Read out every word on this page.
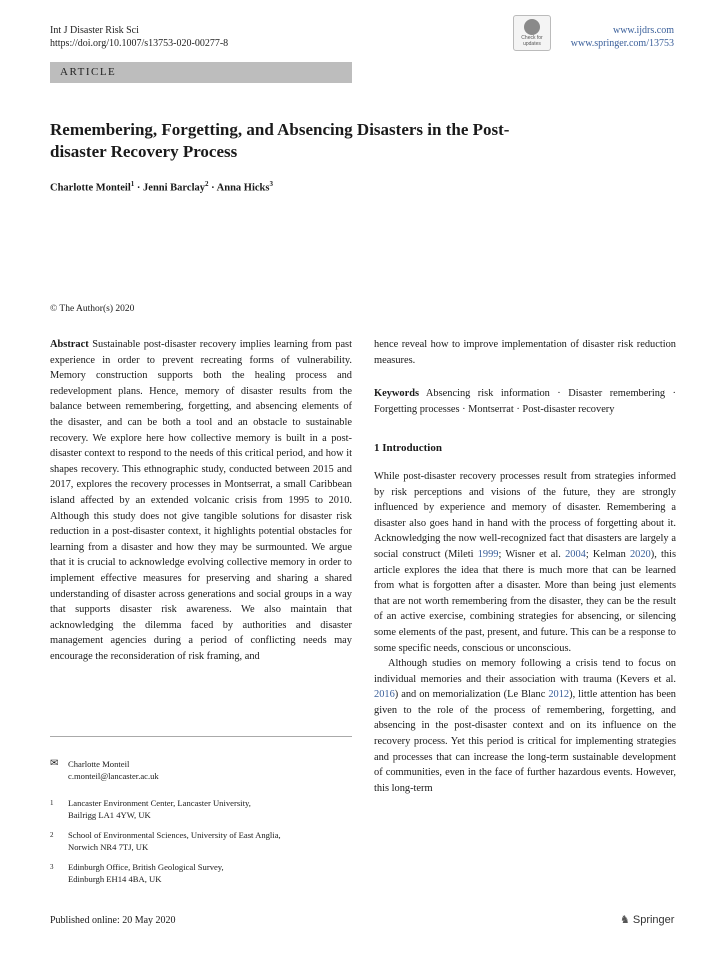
Int J Disaster Risk Sci
https://doi.org/10.1007/s13753-020-00277-8	Check for updates
www.ijdrs.com
www.springer.com/13753
ARTICLE
Remembering, Forgetting, and Absencing Disasters in the Post-
disaster Recovery Process
Charlotte Monteil$^1$ · Jenni Barclay$^2$ · Anna Hicks$^3$
© The Author(s) 2020

Abstract Sustainable post-disaster recovery implies learning from past experience in order to prevent recreating forms of vulnerability. Memory construction supports both the healing process and redevelopment plans. Hence, memory of disaster results from the balance between remembering, forgetting, and absencing elements of the disaster, and can be both a tool and an obstacle to sustainable recovery. We explore here how collective memory is built in a post-disaster context to respond to the needs of this critical period, and how it shapes recovery. This ethnographic study, conducted between 2015 and 2017, explores the recovery processes in Montserrat, a small Caribbean island affected by an extended volcanic crisis from 1995 to 2010. Although this study does not give tangible solutions for disaster risk reduction in a post-disaster context, it highlights potential obstacles for learning from a disaster and how they may be surmounted. We argue that it is crucial to acknowledge evolving collective memory in order to implement effective measures for preserving and sharing a shared understanding of disaster across generations and social groups in a way that supports disaster risk awareness. We also maintain that acknowledging the dilemma faced by authorities and disaster management agencies during a period of conflicting needs may encourage the reconsideration of risk framing, and

hence reveal how to improve implementation of disaster risk reduction measures.

Keywords Absencing risk information · Disaster remembering · Forgetting processes · Montserrat · Post-disaster recovery

1 Introduction

While post-disaster recovery processes result from strategies informed by risk perceptions and visions of the future, they are strongly influenced by experience and memory of disaster. Remembering a disaster also goes hand in hand with the process of forgetting about it. Acknowledging the now well-recognized fact that disasters are largely a social construct (Mileti 1999; Wisner et al. 2004; Kelman 2020), this article explores the idea that there is much more that can be learned from what is forgotten after a disaster. More than being just elements that are not worth remembering from the disaster, they can be the result of an active exercise, combining strategies for absencing, or silencing some elements of the past, present, and future. This can be a response to some specific needs, conscious or unconscious.

Although studies on memory following a crisis tend to focus on individual memories and their association with trauma (Kevers et al. 2016) and on memorialization (Le Blanc 2012), little attention has been given to the role of the process of remembering, forgetting, and absencing in the post-disaster context and on its influence on the recovery process. Yet this period is critical for implementing strategies and processes that can increase the long-term sustainable development of communities, even in the face of further hazardous events. However, this long-term

✉ Charlotte Monteil
c.monteil@lancaster.ac.uk
1 Lancaster Environment Center, Lancaster University,
Bailrigg LA1 4YW, UK
2 School of Environmental Sciences, University of East Anglia,
Norwich NR4 7TJ, UK
3 Edinburgh Office, British Geological Survey,
Edinburgh EH14 4BA, UK
Published online: 20 May 2020	♞ Springer
